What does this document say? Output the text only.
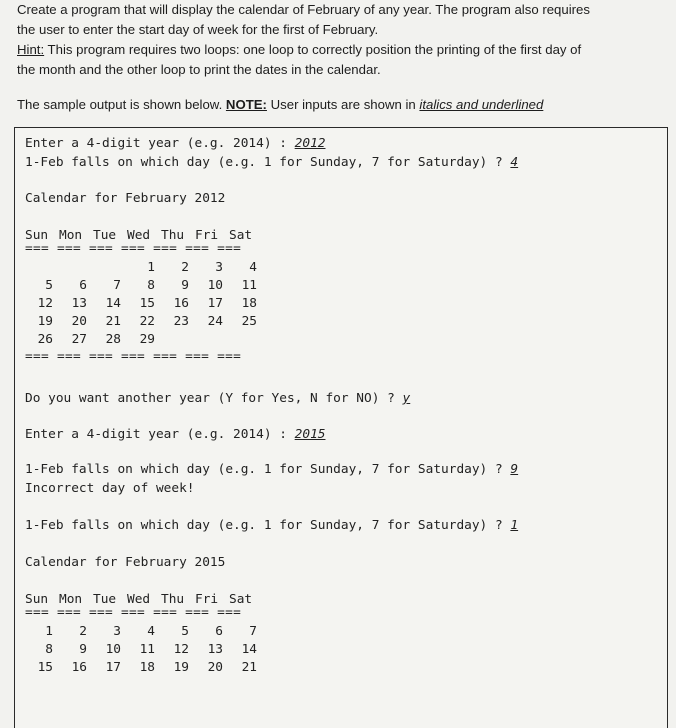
Create a program that will display the calendar of February of any year. The program also requires

the user to enter the start day of week for the first of February.

Hint: This program requires two loops: one loop to correctly position the printing of the first day of

the month and the other loop to print the dates in the calendar.

The sample output is shown below. NOTE: User inputs are shown in italics and underlined
Enter a 4-digit year (e.g. 2014) : 2012
1-Feb falls on which day (e.g. 1 for Sunday, 7 for Saturday) ? 4
Calendar for February 2012
Sun Mon Tue Wed Thu Fri Sat
=== === === === === === ===
1 2 3 4
5 6 7 8 9 10 11
12 13 14 15 16 17 18
19 20 21 22 23 24 25
26 27 28 29
=== === === === === === ===
Do you want another year (Y for Yes, N for NO) ? y
Enter a 4-digit year (e.g. 2014) : 2015
1-Feb falls on which day (e.g. 1 for Sunday, 7 for Saturday) ? 9
Incorrect day of week!
1-Feb falls on which day (e.g. 1 for Sunday, 7 for Saturday) ? 1
Calendar for February 2015
Sun Mon Tue Wed Thu Fri Sat
=== === === === === === ===
1 2 3 4 5 6 7
8 9 10 11 12 13 14
15 16 17 18 19 20 21
